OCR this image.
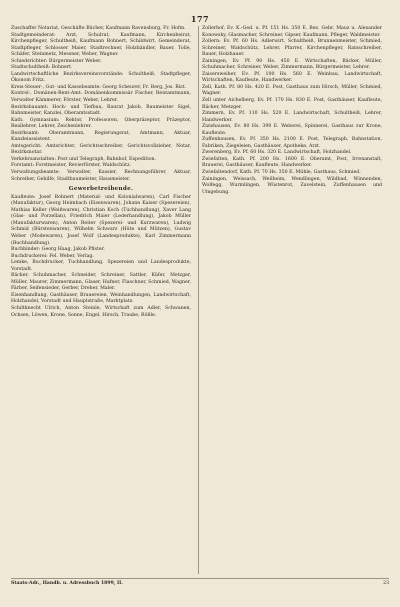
177

Zuschaffer Notariat, Geschäfte Bücher, Kaufmann Ravensburg, Fr. Hofm.

Stadtgemeinderat: Arzt, Schulrat, Kaufmann, Kirchenbeirat, Kirchenpfleger, Schultheiß, Kaufmann Bohnert, Schildwirt, Gemeinderat, Stadtpfleger, Schlosser Maier, Stadtrechner, Holzhändler, Bauer, Tolle, Schäfer, Steinmetz, Messner, Weber, Wagner.

Schiedsrichter: Bürgermeister Weber.

Stadtschultheiß: Bohnert.

Landwirtschaftliche Bezirksvereinsvorstände: Schultheiß, Stadtpfleger, Ökonom Fritz.

Kreis-Steuer-, Gut- und Kassebeamte: Georg Scheurer, Fr. Berg, Jos. Rist.

Kontrol-, Domänen-Rent-Amt: Domänenkommissär Fischer, Rentamtmann, Verwalter Kämmerer, Förster, Weber, Lehrer.

Bezirksbauamt: Hoch- und Tiefbau, Baurat Jakob, Baumeister Sigel, Bahnmeister, Kanzlei, Oberamtsstadt.

Kath. Gymnasium: Rektor, Professoren, Oberpräzeptor, Präzeptor, Reallehrer, Lehrer, Zeichenlehrer.

Bezirksamt: Oberamtmann, Regierungsrat, Amtmann, Aktuar, Kanzleiassistent.

Amtsgericht: Amtsrichter, Gerichtsschreiber, Gerichtsvollzieher, Notar, Bezirksnotar.

Verkehrsanstalten: Post und Telegraph, Bahnhof, Expedition.

Forstamt: Forstmeister, Revierförster, Waldschütz.

Verwaltungsbeamte: Verwalter, Kassier, Rechnungsführer, Aktuar, Schreiber, Gehilfe, Stadtbaumeister, Hausmeister.

Gewerbetreibende.

Kaufleute: Josef Bohnert (Material- und Kolonialwaren), Carl Fischer (Manufaktur), Georg Heimbach (Eisenwaren), Johann Kaiser (Spezereien), Mathias Keller (Weißwaren), Christian Koch (Tuchhandlung), Xaver Lang (Glas- und Porzellan), Friedrich Maier (Lederhandlung), Jakob Müller (Manufakturwaren), Anton Reiter (Spezerei- und Kurzwaren), Ludwig Schmid (Bürstenwaren), Wilhelm Schwarz (Hüte und Mützen), Gustav Weber (Modewaren), Josef Wolf (Landesprodukte), Karl Zimmermann (Buchhandlung).

Buchbinder: Georg Haag, Jakob Pfister.

Buchdruckerei: Fel. Weber, Verlag.

Lemke, Buchdrucker, Tuchhandlung, Spezereien und Landesprodukte, Vorstadt.

Bäcker, Schuhmacher, Schneider, Schreiner, Sattler, Küfer, Metzger, Müller, Maurer, Zimmermann, Glaser, Hafner, Flaschner, Schmied, Wagner, Färber, Seifensieder, Gerber, Dreher, Maler.

Eisenhandlung, Gasthäuser, Brauereien, Weinhandlungen, Landwirtschaft, Holzhandel, Vorstadt und Hauptstraße, Marktplatz.

Schiltknecht Ulrich, Anton Steinle, Wirtschaft zum Adler, Schwanen, Ochsen, Löwen, Krone, Sonne, Engel, Hirsch, Traube, Rößle.

Zollerhof, Ev. K.-Ged. u. Pf. 151 Hs. 350 E. Bez. Gebr. Mauz u. Alexander Konowsky, Glasmacher, Schreiner, Gipser, Kaufmann, Pfleger, Waldmeister.

Zollern: Ev. Pf. 60 Hs. Adlerwirt, Schultheiß, Brunnenmeister, Schmied, Schreiner, Waldschütz, Lehrer, Pfarrer, Kirchenpfleger, Ratsschreiber, Bauer, Holzhauer.

Zainingen, Ev. Pf. 90 Hs. 450 E. Wirtschaften, Bäcker, Müller, Schuhmacher, Schreiner, Weber, Zimmermann, Bürgermeister, Lehrer.

Zaisersweiher, Ev. Pf. 100 Hs. 560 E. Weinbau, Landwirtschaft, Wirtschaften, Kaufleute, Handwerker.

Zell, Kath. Pf. 80 Hs. 420 E. Post, Gasthaus zum Hirsch, Müller, Schmied, Wagner.

Zell unter Aichelberg, Ev. Pf. 170 Hs. 830 E. Post, Gasthäuser, Kaufleute, Bäcker, Metzger.

Zimmern, Ev. Pf. 110 Hs. 520 E. Landwirtschaft, Schultheiß, Lehrer, Handwerker.

Zizishausen, Ev. 80 Hs. 390 E. Weberei, Spinnerei, Gasthaus zur Krone, Kaufleute.

Zuffenhausen, Ev. Pf. 350 Hs. 2100 E. Post, Telegraph, Bahnstation, Fabriken, Ziegeleien, Gasthäuser, Apotheke, Arzt.

Zwerenberg, Ev. Pf. 60 Hs. 320 E. Landwirtschaft, Holzhandel.

Zwiefalten, Kath. Pf. 200 Hs. 1600 E. Oberamt, Post, Irrenanstalt, Brauerei, Gasthäuser, Kaufleute, Handwerker.

Zwiefaltendorf, Kath. Pf. 70 Hs. 350 E. Mühle, Gasthaus, Schmied.

Zainingen, Weissach, Weilheim, Wendlingen, Wildbad, Winnenden, Wolfegg, Wurmlingen, Wüstenrot, Zavelstein, Zuffenhausen und Umgebung.

Staats-Adr., Handb. u. Adressbuch 1899, II.	23
